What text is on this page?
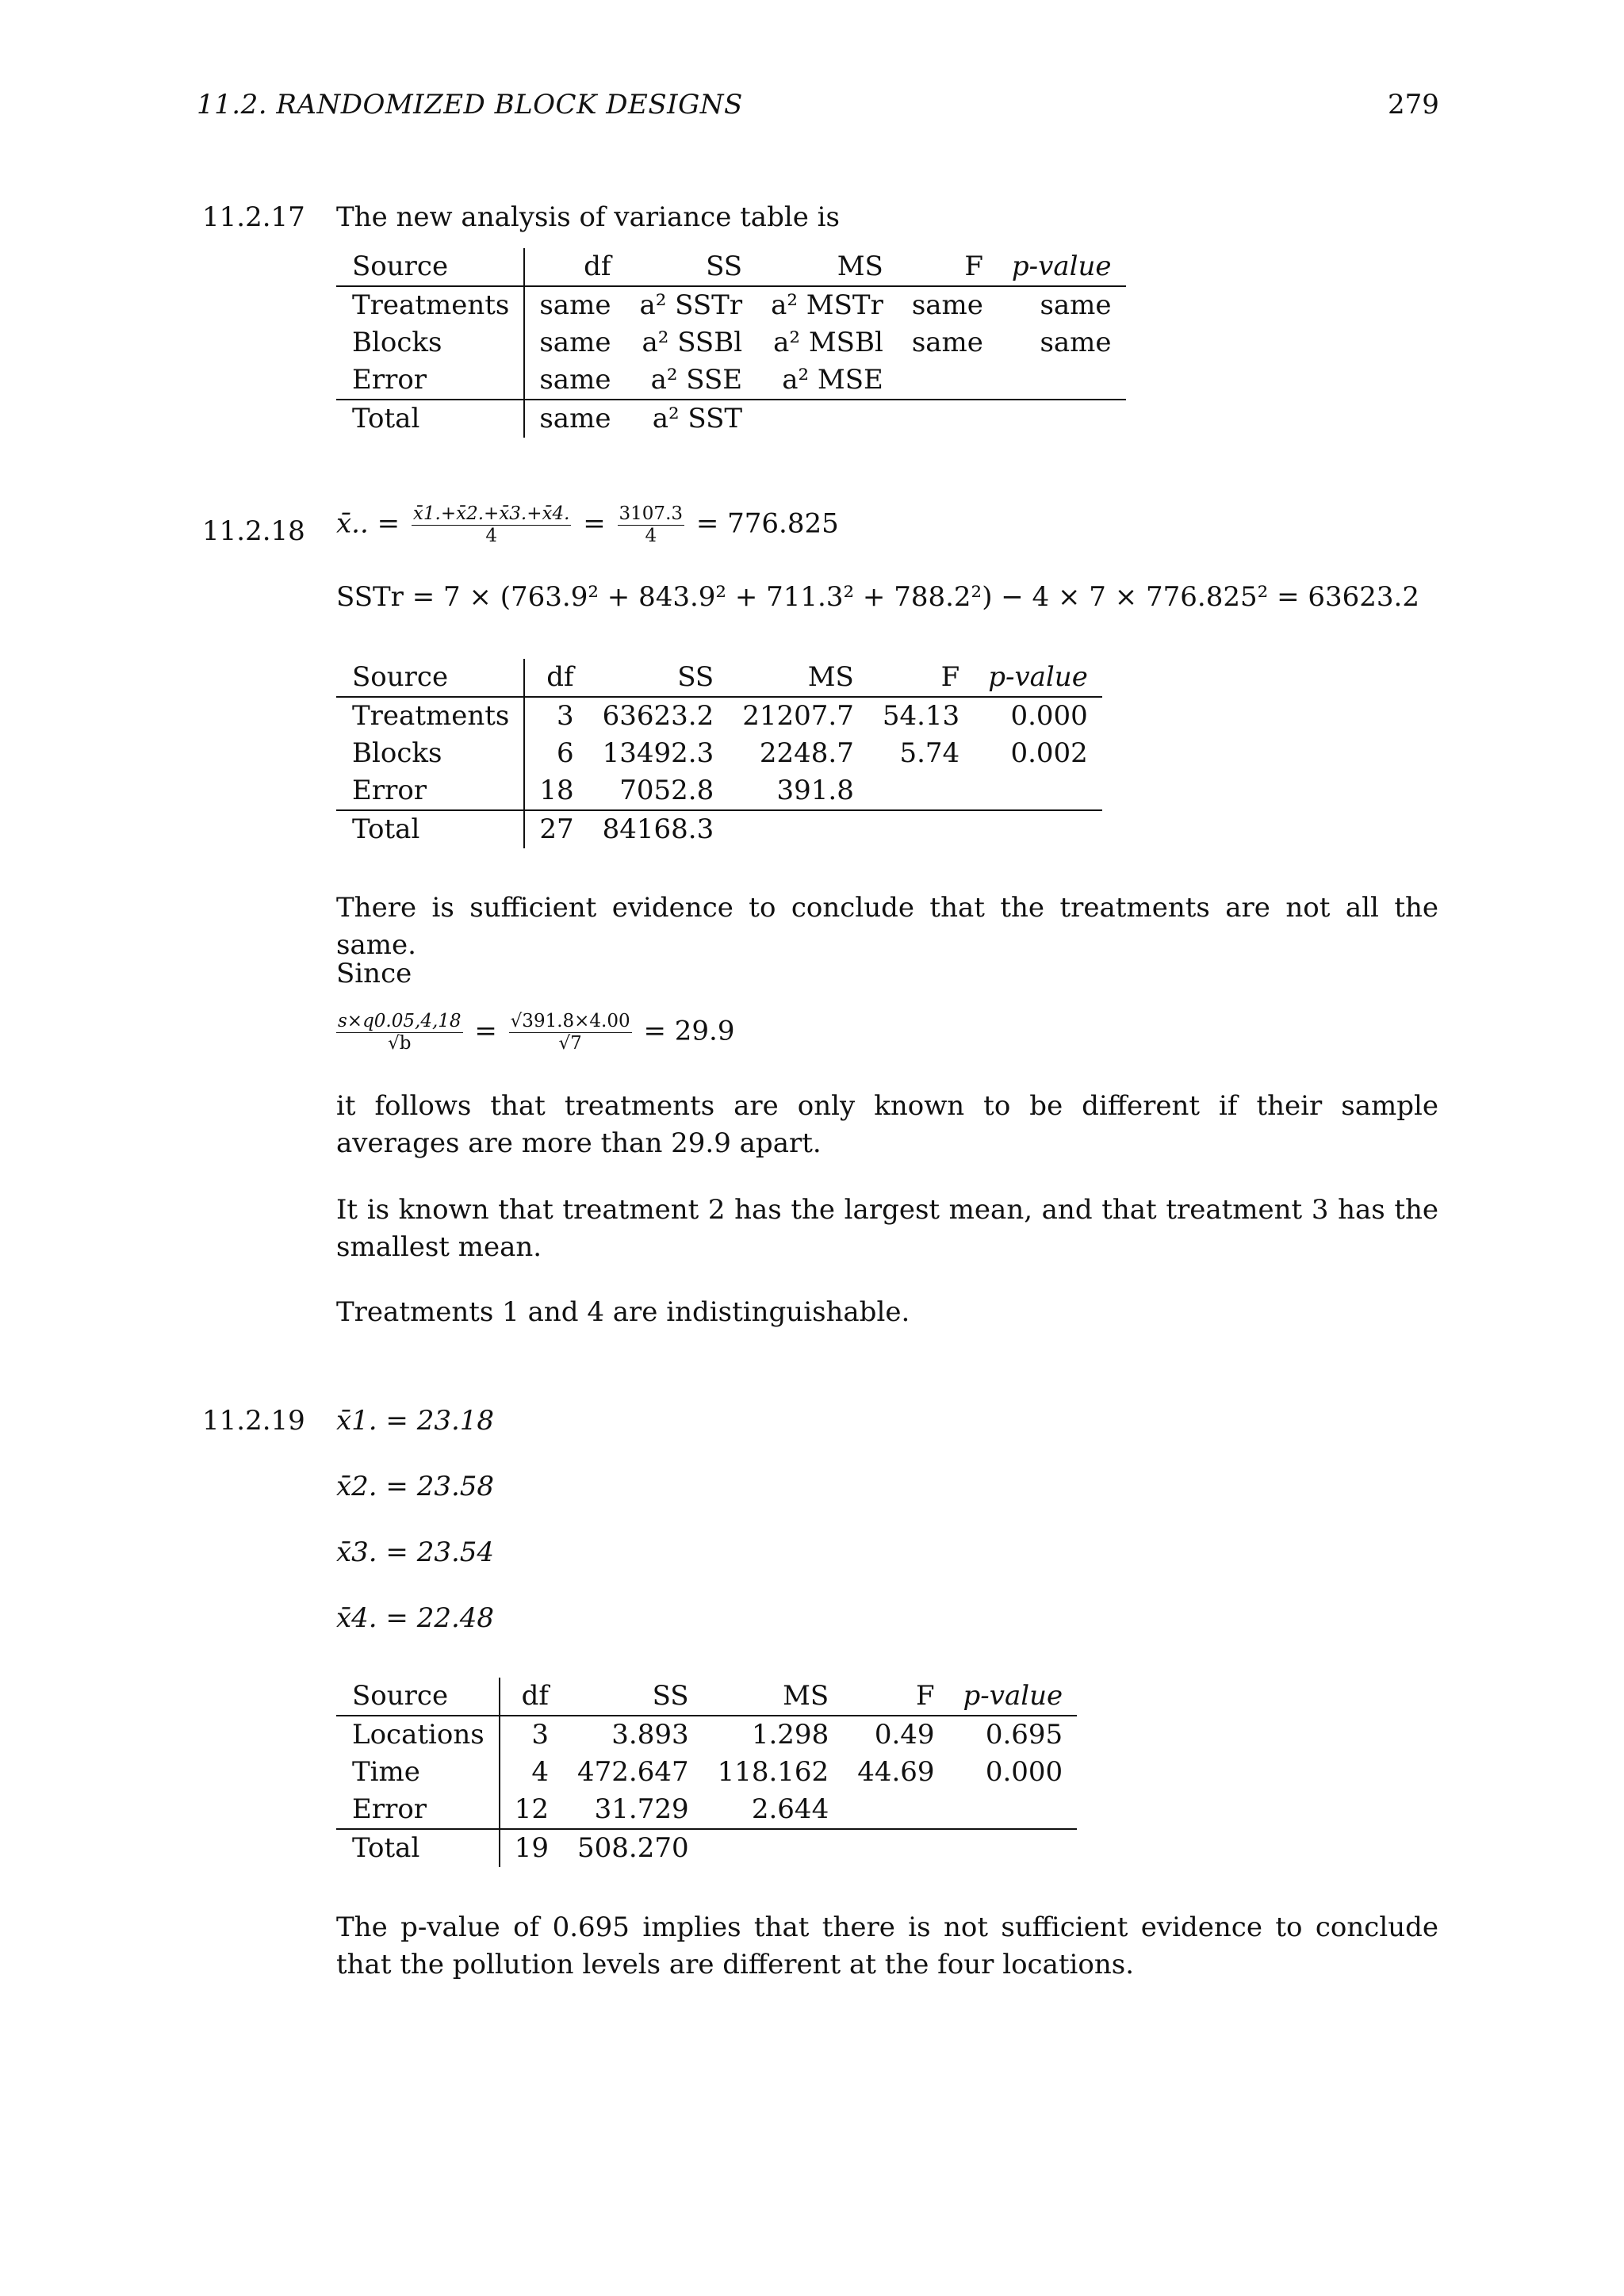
11.2. RANDOMIZED BLOCK DESIGNS	279
11.2.17 The new analysis of variance table is
Source	df	SS	MS	F	p-value
Treatments	same	a² SSTr	a² MSTr	same	same
Blocks	same	a² SSBl	a² MSBl	same	same
Error	same	a² SSE	a² MSE		
Total	same	a² SST			
11.2.18 x̄.. = $\frac{x̄1.+x̄2.+x̄3.+x̄4.}{4} = \frac{3107.3}{4} = 776.825$
SSTr = 7 × (763.9² + 843.9² + 711.3² + 788.2²) − 4 × 7 × 776.825² = 63623.2
Source	df	SS	MS	F	p-value
Treatments	3	63623.2	21207.7	54.13	0.000
Blocks	6	13492.3	2248.7	5.74	0.002
Error	18	7052.8	391.8		
Total	27	84168.3			
There is sufficient evidence to conclude that the treatments are not all the same.
Since
$\frac{s\times q0.05,4,18}{√b} = \frac{√391.8\times 4.00}{√7} = 29.9$
it follows that treatments are only known to be different if their sample averages are more than 29.9 apart.
It is known that treatment 2 has the largest mean, and that treatment 3 has the smallest mean.
Treatments 1 and 4 are indistinguishable.
11.2.19 x̄1. = 23.18
x̄2. = 23.58
x̄3. = 23.54
x̄4. = 22.48
Source	df	SS	MS	F	p-value
Locations	3	3.893	1.298	0.49	0.695
Time	4	472.647	118.162	44.69	0.000
Error	12	31.729	2.644		
Total	19	508.270			
The p-value of 0.695 implies that there is not sufficient evidence to conclude that the pollution levels are different at the four locations.
